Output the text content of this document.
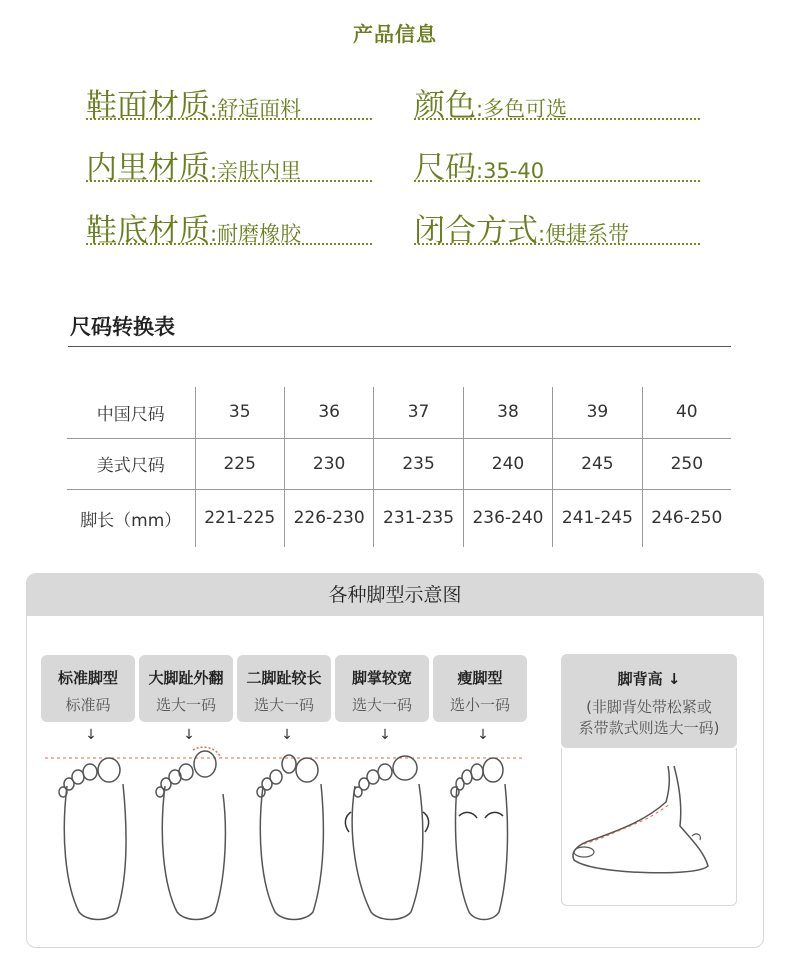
产品信息
鞋面材质:舒适面料	颜色:多色可选
内里材质:亲肤内里	尺码:35-40
鞋底材质:耐磨橡胶	闭合方式:便捷系带
尺码转换表
中国尺码	35	36	37	38	39	40
美式尺码	225	230	235	240	245	250
脚长（mm）	221-225	226-230	231-235	236-240	241-245	246-250
各种脚型示意图
标准脚型
标准码
大脚趾外翻
选大一码
二脚趾较长
选大一码
脚掌较宽
选大一码
瘦脚型
选小一码
↓	↓	↓	↓	↓
脚背高 ↓
(非脚背处带松紧或
系带款式则选大一码)
